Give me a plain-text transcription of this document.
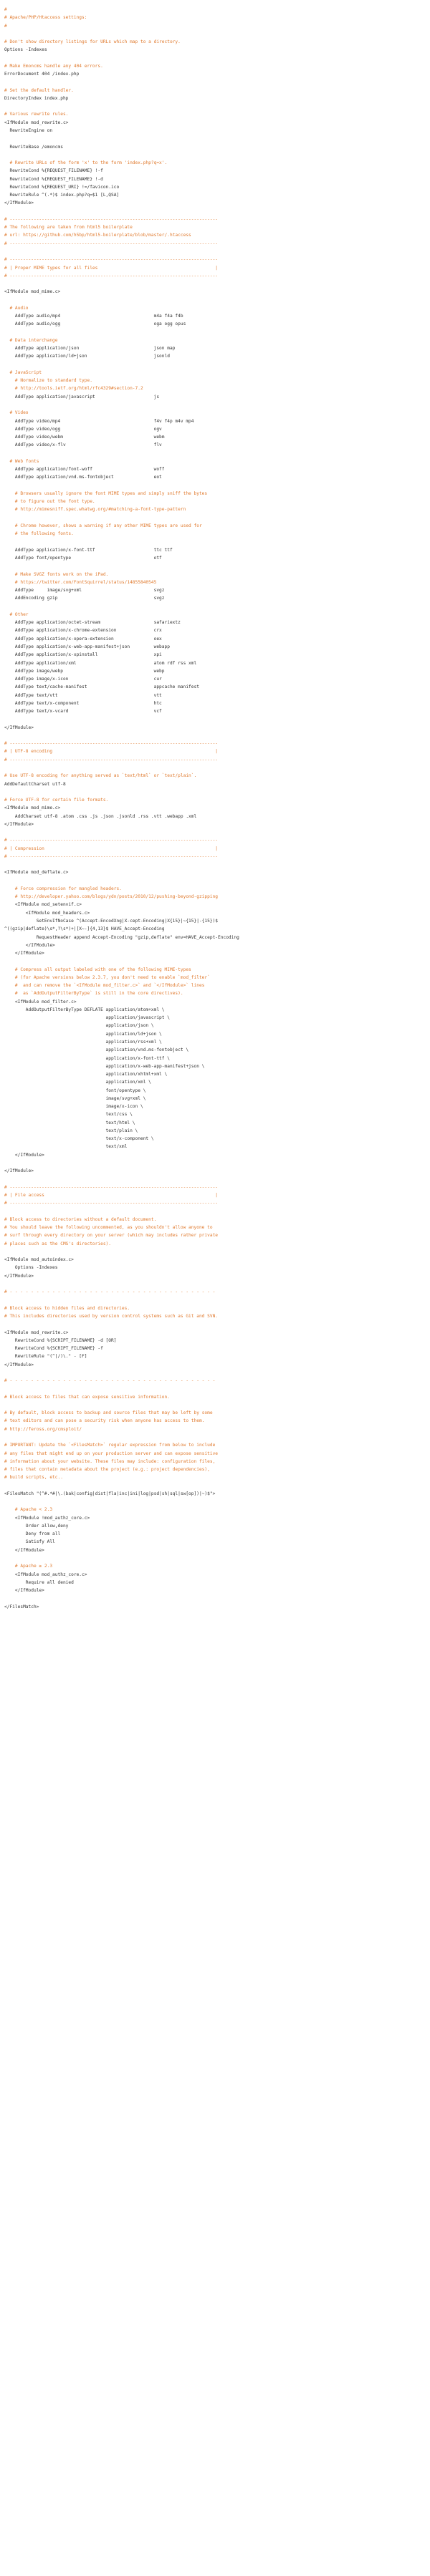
#
# Apache/PHP/Htaccess settings:
#
# Don't show directory listings for URLs which map to a directory.
Options -Indexes
# Make Emoncms handle any 404 errors.
ErrorDocument 404 /index.php
# Set the default handler.
DirectoryIndex index.php
# Various rewrite rules.
<IfModule mod_rewrite.c>
RewriteEngine on
RewriteBase /emoncms
# Rewrite URLs of the form 'x' to the form 'index.php?q=x'.
RewriteCond %{REQUEST_FILENAME} !-f
RewriteCond %{REQUEST_FILENAME} !-d
RewriteCond %{REQUEST_URI} !=/favicon.ico
RewriteRule ^(.*)$ index.php?q=$1 [L,QSA]
</IfModule>
# ------------------------------------------------------------------------------
# The following are taken from html5 boilerplate
# url: https://github.com/h5bp/html5-boilerplate/blob/master/.htaccess
# ------------------------------------------------------------------------------
# ------------------------------------------------------------------------------
# | Proper MIME types for all files                                            |
# ------------------------------------------------------------------------------
<IfModule mod_mime.c>
# Audio
AddType audio/mp4                                   m4a f4a f4b
AddType audio/ogg                                   oga ogg opus
# Data interchange
AddType application/json                            json map
AddType application/ld+json                         jsonld
# JavaScript
# Normalize to standard type.
# http://tools.ietf.org/html/rfc4329#section-7.2
AddType application/javascript                      js
# Video
AddType video/mp4                                   f4v f4p m4v mp4
AddType video/ogg                                   ogv
AddType video/webm                                  webm
AddType video/x-flv                                 flv
# Web fonts
AddType application/font-woff                       woff
AddType application/vnd.ms-fontobject               eot
# Browsers usually ignore the font MIME types and simply sniff the bytes
# to figure out the font type.
# http://mimesniff.spec.whatwg.org/#matching-a-font-type-pattern
# Chrome however, shows a warning if any other MIME types are used for
# the following fonts.
AddType application/x-font-ttf                      ttc ttf
AddType font/opentype                               otf
# Make SVGZ fonts work on the iPad.
# https://twitter.com/FontSquirrel/status/14855840545
AddType     image/svg+xml                           svgz
AddEncoding gzip                                    svgz
# Other
AddType application/octet-stream                    safariextz
AddType application/x-chrome-extension              crx
AddType application/x-opera-extension               oex
AddType application/x-web-app-manifest+json         webapp
AddType application/x-xpinstall                     xpi
AddType application/xml                             atom rdf rss xml
AddType image/webp                                  webp
AddType image/x-icon                                cur
AddType text/cache-manifest                         appcache manifest
AddType text/vtt                                    vtt
AddType text/x-component                            htc
AddType text/x-vcard                                vcf
</IfModule>
# ------------------------------------------------------------------------------
# | UTF-8 encoding                                                             |
# ------------------------------------------------------------------------------
# Use UTF-8 encoding for anything served as `text/html` or `text/plain`.
AddDefaultCharset utf-8
# Force UTF-8 for certain file formats.
<IfModule mod_mime.c>
AddCharset utf-8 .atom .css .js .json .jsonld .rss .vtt .webapp .xml
</IfModule>
# ------------------------------------------------------------------------------
# | Compression                                                                |
# ------------------------------------------------------------------------------
<IfModule mod_deflate.c>
# Force compression for mangled headers.
# http://developer.yahoo.com/blogs/ydn/posts/2010/12/pushing-beyond-gzipping
<IfModule mod_setenvif.c>
<IfModule mod_headers.c>
SetEnvIfNoCase ^(Accept-EncodXng|X-cept-Encoding|X{15}|~{15}|-{15})$
^((gzip|deflate)\s*,?\s*)+|[X~-]{4,13}$ HAVE_Accept-Encoding
RequestHeader append Accept-Encoding "gzip,deflate" env=HAVE_Accept-Encoding
</IfModule>
</IfModule>
# Compress all output labeled with one of the following MIME-types
# (for Apache versions below 2.3.7, you don't need to enable `mod_filter`
#  and can remove the `<IfModule mod_filter.c>` and `</IfModule>` lines
#  as `AddOutputFilterByType` is still in the core directives).
<IfModule mod_filter.c>
AddOutputFilterByType DEFLATE application/atom+xml \
application/javascript \
application/json \
application/ld+json \
application/rss+xml \
application/vnd.ms-fontobject \
application/x-font-ttf \
application/x-web-app-manifest+json \
application/xhtml+xml \
application/xml \
font/opentype \
image/svg+xml \
image/x-icon \
text/css \
text/html \
text/plain \
text/x-component \
text/xml
</IfModule>
</IfModule>
# ------------------------------------------------------------------------------
# | File access                                                                |
# ------------------------------------------------------------------------------
# Block access to directories without a default document.
# You should leave the following uncommented, as you shouldn't allow anyone to
# surf through every directory on your server (which may includes rather private
# places such as the CMS's directories).
<IfModule mod_autoindex.c>
Options -Indexes
</IfModule>
# - - - - - - - - - - - - - - - - - - - - - - - - - - - - - - - - - - - - - - -
# Block access to hidden files and directories.
# This includes directories used by version control systems such as Git and SVN.
<IfModule mod_rewrite.c>
RewriteCond %{SCRIPT_FILENAME} -d [OR]
RewriteCond %{SCRIPT_FILENAME} -f
RewriteRule "(^|/)\." - [F]
</IfModule>
# - - - - - - - - - - - - - - - - - - - - - - - - - - - - - - - - - - - - - - -
# Block access to files that can expose sensitive information.
# By default, block access to backup and source files that may be left by some
# text editors and can pose a security risk when anyone has access to them.
# http://feross.org/cmsploit/
# IMPORTANT: Update the `<FilesMatch>` regular expression from below to include
# any files that might end up on your production server and can expose sensitive
# information about your website. These files may include: configuration files,
# files that contain metadata about the project (e.g.: project dependencies),
# build scripts, etc..
<FilesMatch "(^#.*#|\.(bak|config|dist|fla|inc|ini|log|psd|sh|sql|sw[op])|~)$">
# Apache < 2.3
<IfModule !mod_authz_core.c>
Order allow,deny
Deny from all
Satisfy All
</IfModule>
# Apache ≥ 2.3
<IfModule mod_authz_core.c>
Require all denied
</IfModule>
</FilesMatch>
